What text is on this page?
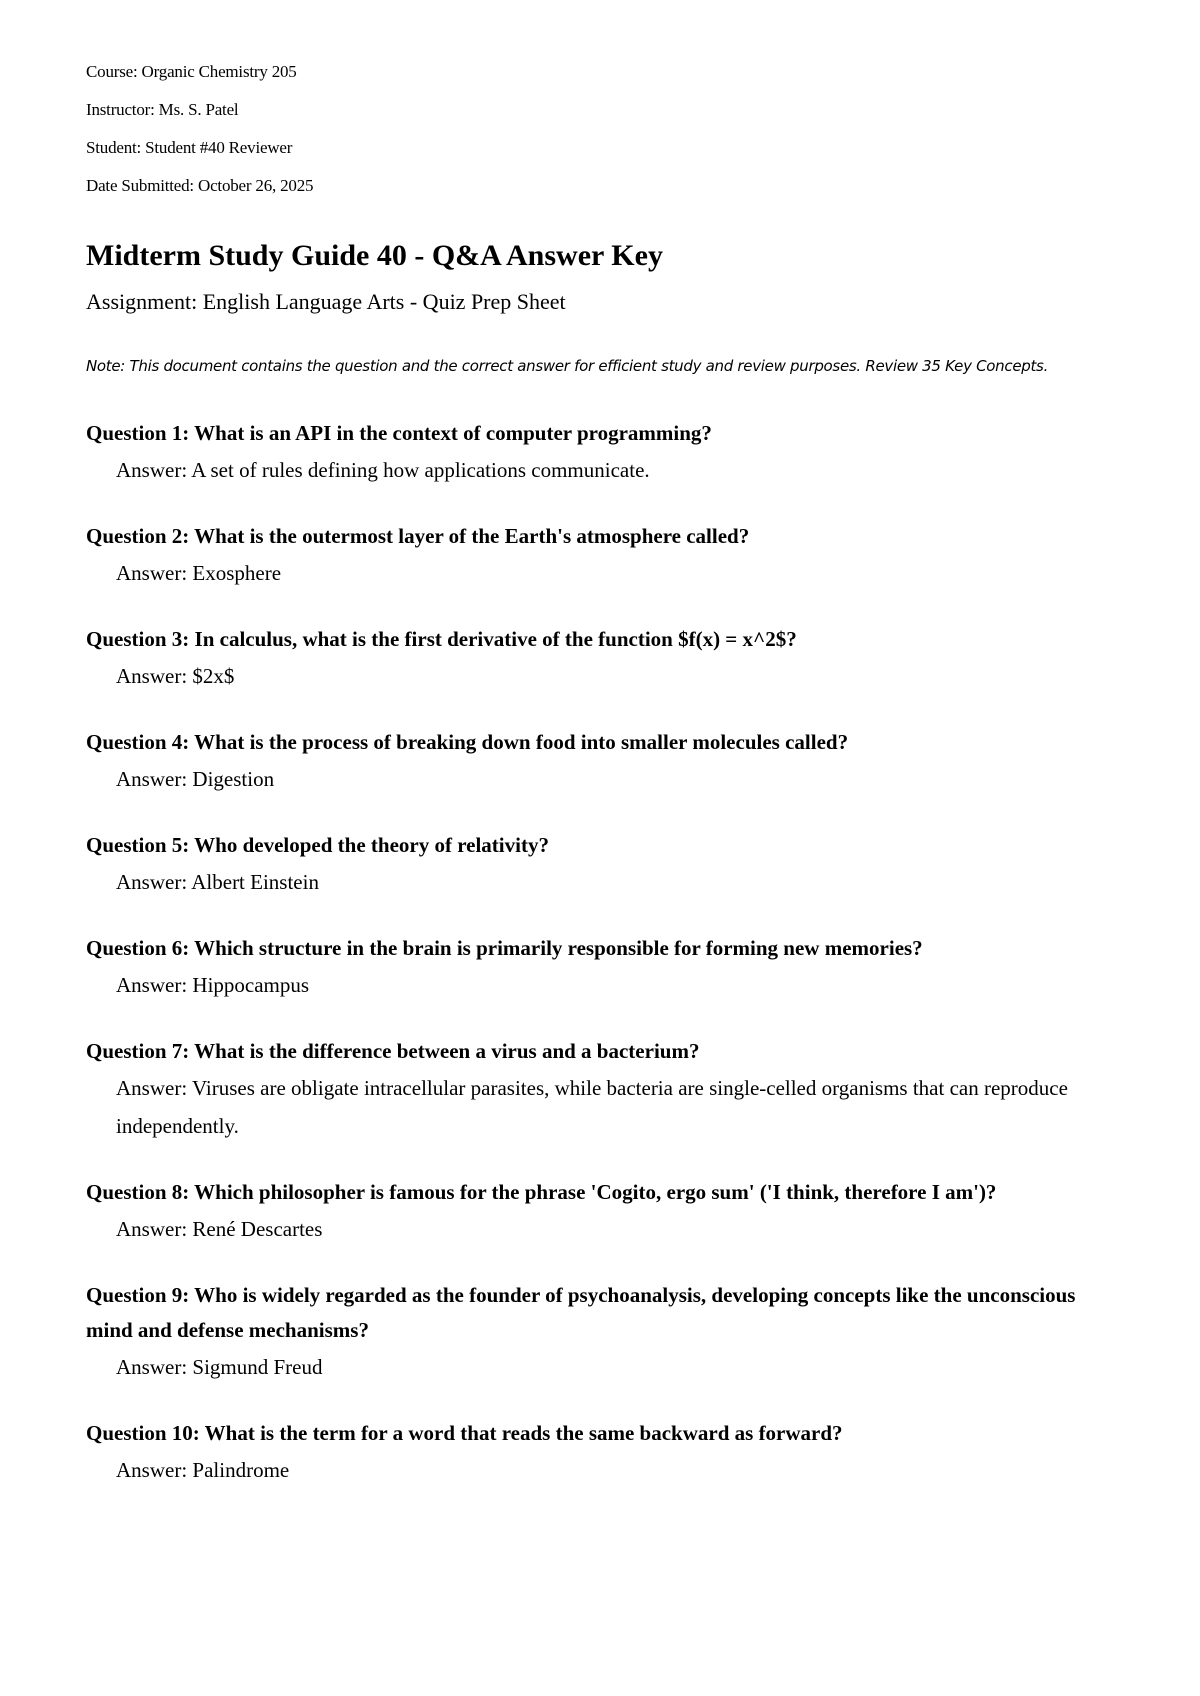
Course: Organic Chemistry 205

Instructor: Ms. S. Patel

Student: Student #40 Reviewer

Date Submitted: October 26, 2025

Midterm Study Guide 40 - Q&A Answer Key

Assignment: English Language Arts - Quiz Prep Sheet

Note: This document contains the question and the correct answer for efficient study and review purposes. Review 35 Key Concepts.

Question 1: What is an API in the context of computer programming?

Answer: A set of rules defining how applications communicate.

Question 2: What is the outermost layer of the Earth's atmosphere called?

Answer: Exosphere

Question 3: In calculus, what is the first derivative of the function $f(x) = x^2$?

Answer: $2x$

Question 4: What is the process of breaking down food into smaller molecules called?

Answer: Digestion

Question 5: Who developed the theory of relativity?

Answer: Albert Einstein

Question 6: Which structure in the brain is primarily responsible for forming new memories?

Answer: Hippocampus

Question 7: What is the difference between a virus and a bacterium?

Answer: Viruses are obligate intracellular parasites, while bacteria are single-celled organisms that can reproduce independently.

Question 8: Which philosopher is famous for the phrase 'Cogito, ergo sum' ('I think, therefore I am')?

Answer: René Descartes

Question 9: Who is widely regarded as the founder of psychoanalysis, developing concepts like the unconscious mind and defense mechanisms?

Answer: Sigmund Freud

Question 10: What is the term for a word that reads the same backward as forward?

Answer: Palindrome
